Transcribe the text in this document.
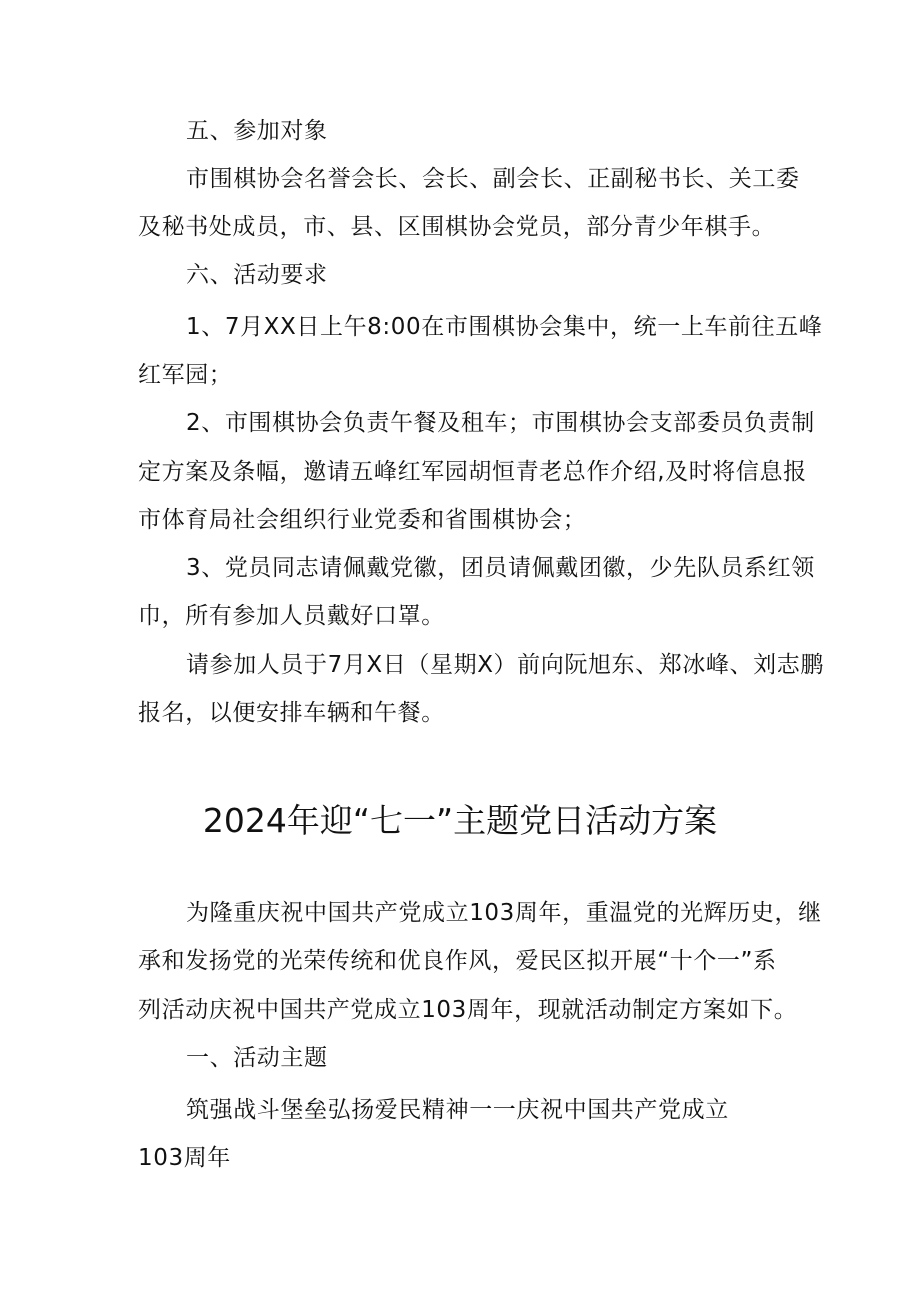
五、参加对象
市围棋协会名誉会长、会长、副会长、正副秘书长、关工委
及秘书处成员，市、县、区围棋协会党员，部分青少年棋手。
六、活动要求
1、7月XX日上午8:00在市围棋协会集中，统一上车前往五峰
红军园；
2、市围棋协会负责午餐及租车；市围棋协会支部委员负责制
定方案及条幅，邀请五峰红军园胡恒青老总作介绍,及时将信息报
市体育局社会组织行业党委和省围棋协会；
3、党员同志请佩戴党徽，团员请佩戴团徽，少先队员系红领
巾，所有参加人员戴好口罩。
请参加人员于7月X日（星期X）前向阮旭东、郑冰峰、刘志鹏
报名，以便安排车辆和午餐。
2024年迎“七一”主题党日活动方案
为隆重庆祝中国共产党成立103周年，重温党的光辉历史，继
承和发扬党的光荣传统和优良作风，爱民区拟开展“十个一”系
列活动庆祝中国共产党成立103周年，现就活动制定方案如下。
一、活动主题
筑强战斗堡垒弘扬爱民精神一一庆祝中国共产党成立
103周年
